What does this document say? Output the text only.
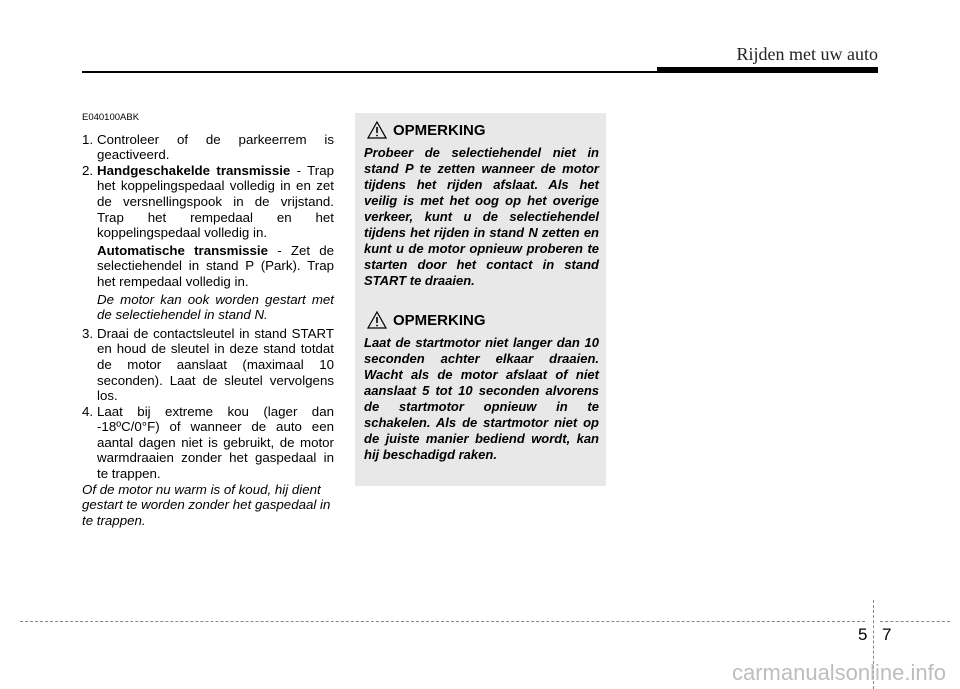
Rijden met uw auto
E040100ABK
1. Controleer of de parkeerrem is geactiveerd.
2. Handgeschakelde transmissie - Trap het koppelingspedaal volledig in en zet de versnellingspook in de vrijstand. Trap het rempedaal en het koppelingspedaal volledig in.
Automatische transmissie - Zet de selectiehendel in stand P (Park). Trap het rempedaal volledig in.
De motor kan ook worden gestart met de selectiehendel in stand N.
3. Draai de contactsleutel in stand START en houd de sleutel in deze stand totdat de motor aanslaat (maximaal 10 seconden). Laat de sleutel vervolgens los.
4. Laat bij extreme kou (lager dan -18ºC/0°F) of wanneer de auto een aantal dagen niet is gebruikt, de motor warmdraaien zonder het gaspedaal in te trappen.
Of de motor nu warm is of koud, hij dient gestart te worden zonder het gaspedaal in te trappen.
OPMERKING
Probeer de selectiehendel niet in stand P te zetten wanneer de motor tijdens het rijden afslaat. Als het veilig is met het oog op het overige verkeer, kunt u de selectiehendel tijdens het rijden in stand N zetten en kunt u de motor opnieuw proberen te starten door het contact in stand START te draaien.
OPMERKING
Laat de startmotor niet langer dan 10 seconden achter elkaar draaien. Wacht als de motor afslaat of niet aanslaat 5 tot 10 seconden alvorens de startmotor opnieuw in te schakelen. Als de startmotor niet op de juiste manier bediend wordt, kan hij beschadigd raken.
5 7
carmanualsonline.info
